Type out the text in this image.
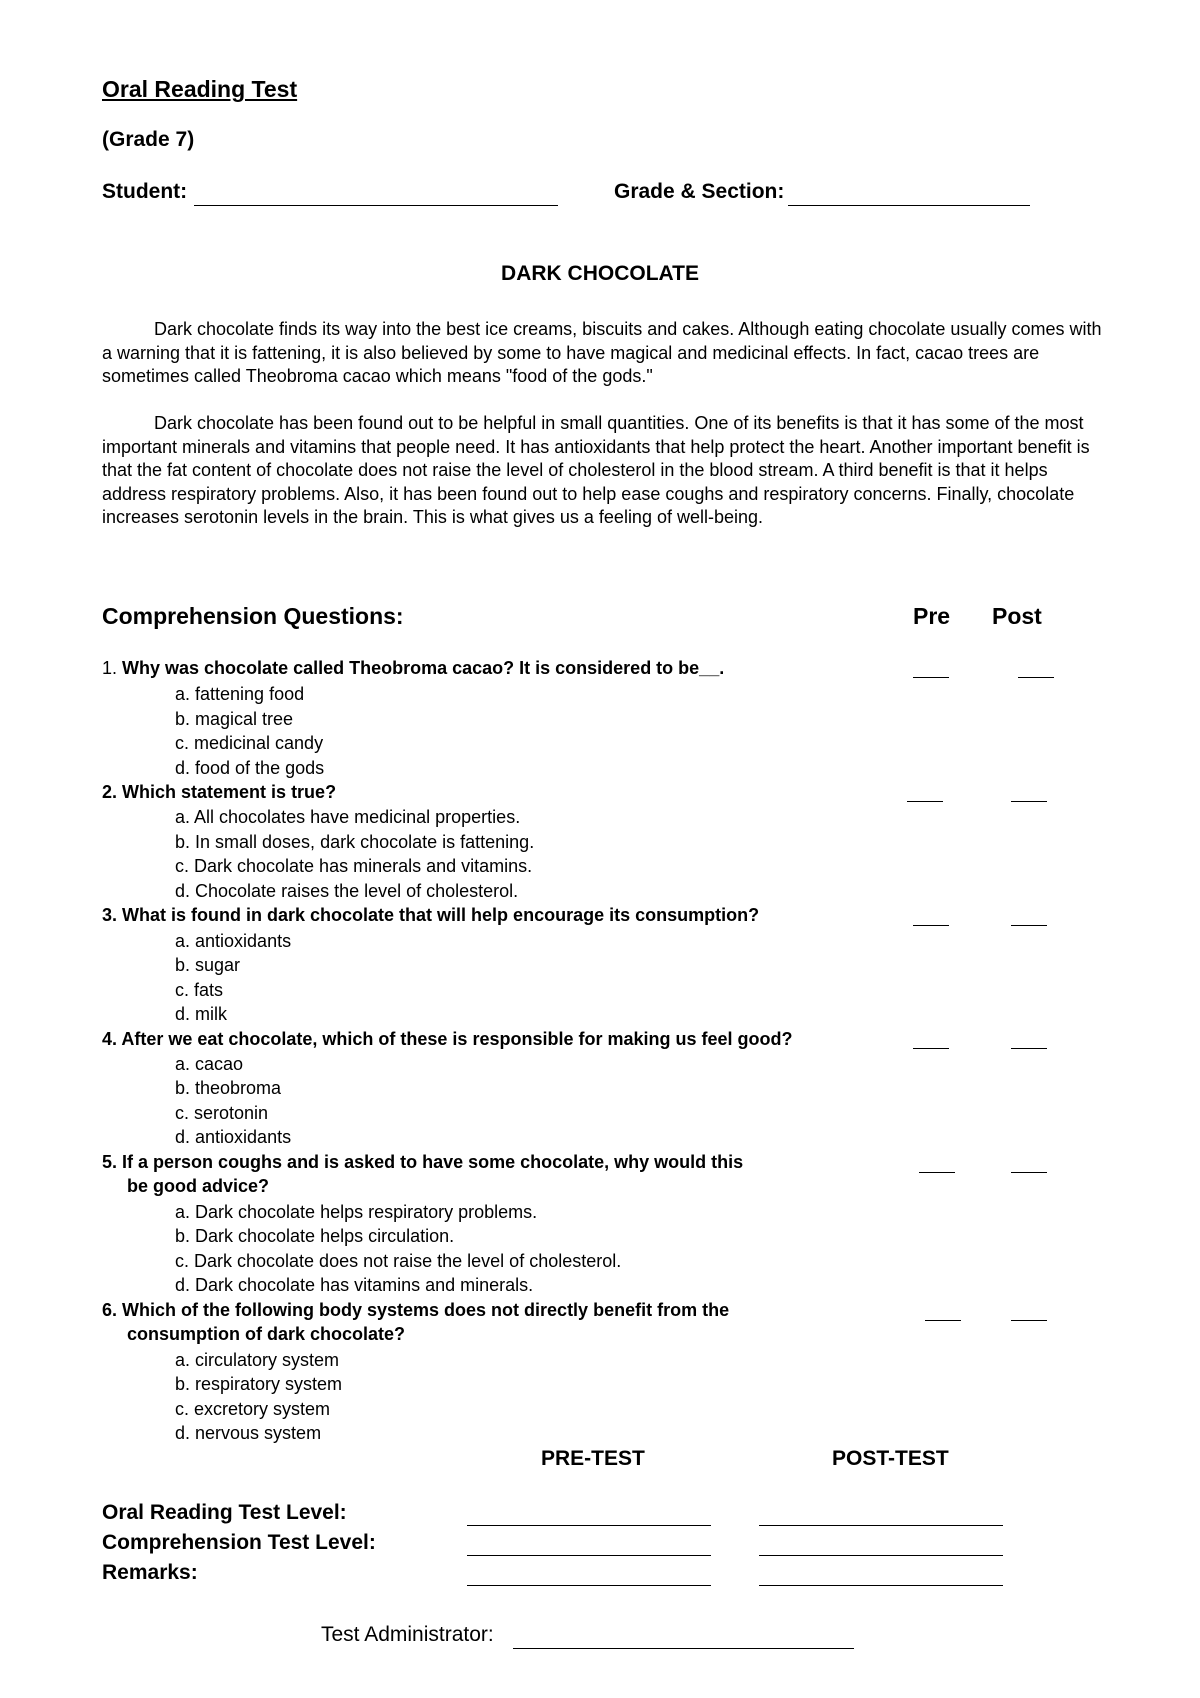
Oral Reading Test
(Grade 7)
Student:	Grade & Section:
DARK CHOCOLATE

Dark chocolate finds its way into the best ice creams, biscuits and cakes. Although eating chocolate usually comes with a warning that it is fattening, it is also believed by some to have magical and medicinal effects. In fact, cacao trees are sometimes called Theobroma cacao which means "food of the gods."

Dark chocolate has been found out to be helpful in small quantities. One of its benefits is that it has some of the most important minerals and vitamins that people need. It has antioxidants that help protect the heart. Another important benefit is that the fat content of chocolate does not raise the level of cholesterol in the blood stream. A third benefit is that it helps address respiratory problems. Also, it has been found out to help ease coughs and respiratory concerns. Finally, chocolate increases serotonin levels in the brain. This is what gives us a feeling of well-being.

Comprehension Questions:	Pre Post
1. Why was chocolate called Theobroma cacao? It is considered to be__.
a. fattening food
b. magical tree
c. medicinal candy
d. food of the gods
2. Which statement is true?
a. All chocolates have medicinal properties.
b. In small doses, dark chocolate is fattening.
c. Dark chocolate has minerals and vitamins.
d. Chocolate raises the level of cholesterol.
3. What is found in dark chocolate that will help encourage its consumption?
a. antioxidants
b. sugar
c. fats
d. milk
4. After we eat chocolate, which of these is responsible for making us feel good?
a. cacao
b. theobroma
c. serotonin
d. antioxidants
5. If a person coughs and is asked to have some chocolate, why would this
be good advice?
a. Dark chocolate helps respiratory problems.
b. Dark chocolate helps circulation.
c. Dark chocolate does not raise the level of cholesterol.
d. Dark chocolate has vitamins and minerals.
6. Which of the following body systems does not directly benefit from the
consumption of dark chocolate?
a. circulatory system
b. respiratory system
c. excretory system
d. nervous system
PRE-TEST	POST-TEST
Oral Reading Test Level:
Comprehension Test Level:
Remarks:
Test Administrator:
